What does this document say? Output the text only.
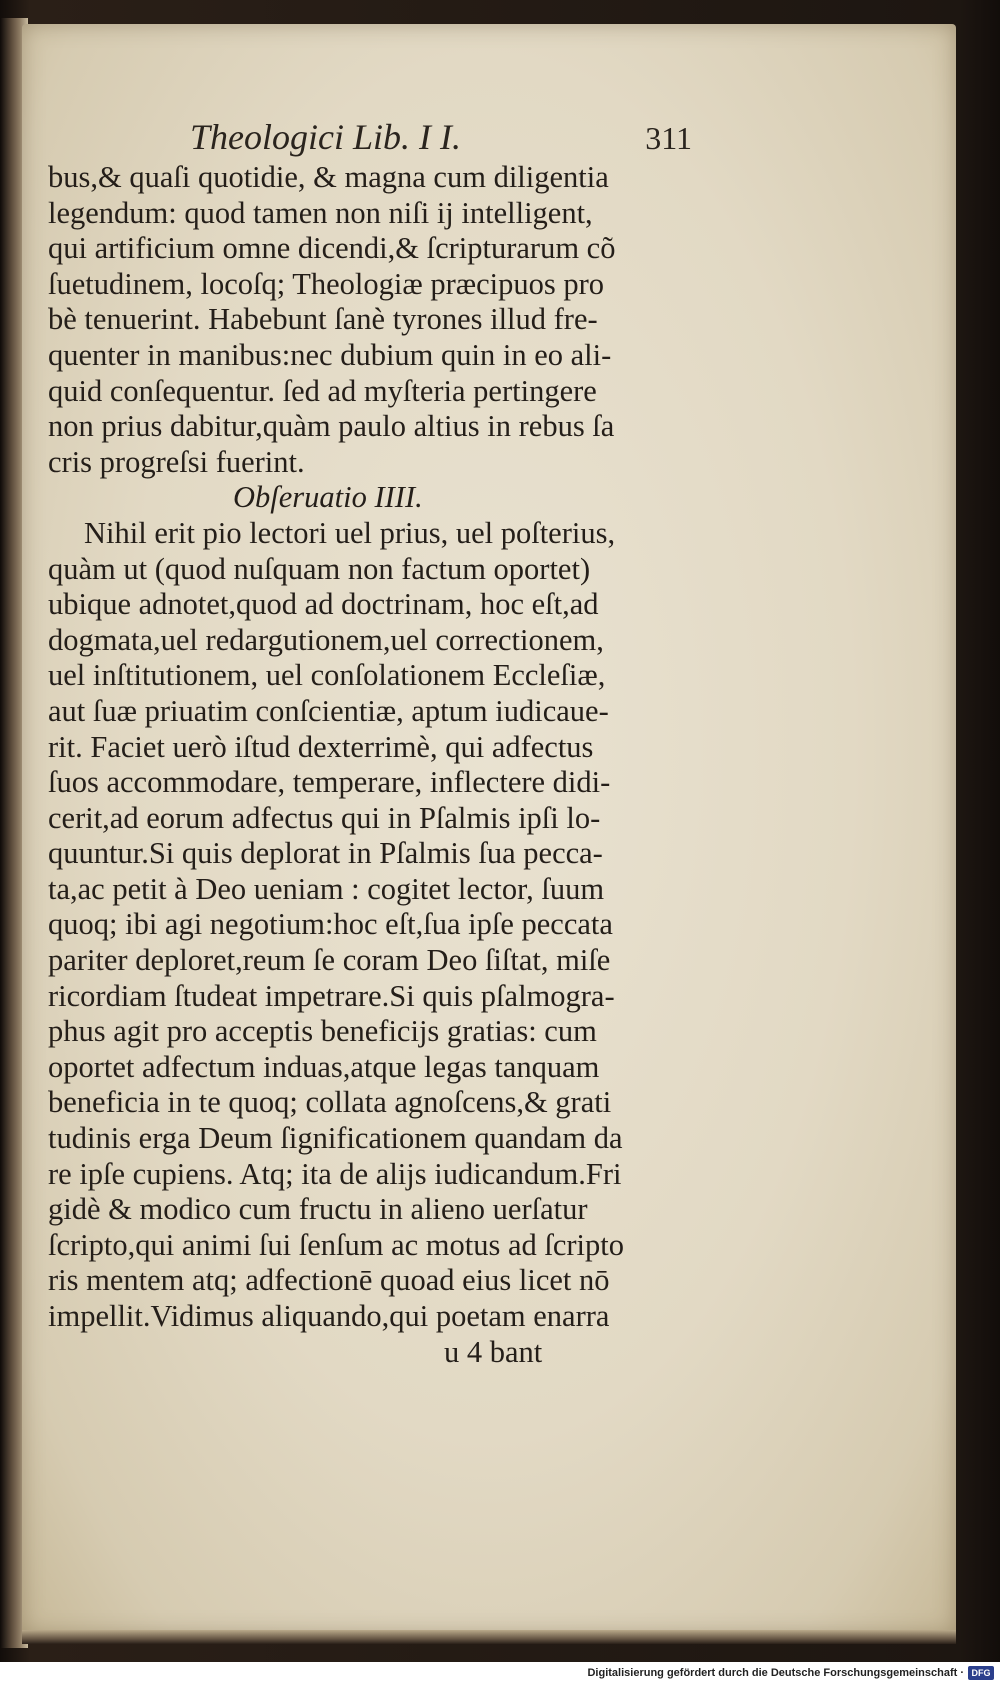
Theologici Lib. I I.	311
bus,& quaſi quotidie, & magna cum diligentia
legendum: quod tamen non niſi ij intelligent,
qui artificium omne dicendi,& ſcripturarum cõ
ſuetudinem, locoſq; Theologiæ præcipuos pro
bè tenuerint. Habebunt ſanè tyrones illud fre-
quenter in manibus:nec dubium quin in eo ali-
quid conſequentur. ſed ad myſteria pertingere
non prius dabitur,quàm paulo altius in rebus ſa
cris progreſsi fuerint.
Obſeruatio IIII.
Nihil erit pio lectori uel prius, uel poſterius,
quàm ut (quod nuſquam non factum oportet)
ubique adnotet,quod ad doctrinam, hoc eſt,ad
dogmata,uel redargutionem,uel correctionem,
uel inſtitutionem, uel conſolationem Eccleſiæ,
aut ſuæ priuatim conſcientiæ, aptum iudicaue-
rit. Faciet uerò iſtud dexterrimè, qui adfectus
ſuos accommodare, temperare, inflectere didi-
cerit,ad eorum adfectus qui in Pſalmis ipſi lo-
quuntur.Si quis deplorat in Pſalmis ſua pecca-
ta,ac petit à Deo ueniam : cogitet lector, ſuum
quoq; ibi agi negotium:hoc eſt,ſua ipſe peccata
pariter deploret,reum ſe coram Deo ſiſtat, miſe
ricordiam ſtudeat impetrare.Si quis pſalmogra-
phus agit pro acceptis beneficijs gratias: cum
oportet adfectum induas,atque legas tanquam
beneficia in te quoq; collata agnoſcens,& grati
tudinis erga Deum ſignificationem quandam da
re ipſe cupiens. Atq; ita de alijs iudicandum.Fri
gidè & modico cum fructu in alieno uerſatur
ſcripto,qui animi ſui ſenſum ac motus ad ſcripto
ris mentem atq; adfectionē quoad eius licet nō
impellit.Vidimus aliquando,qui poetam enarra
u 4 bant
Digitalisierung gefördert durch die Deutsche Forschungsgemeinschaft · DFG
